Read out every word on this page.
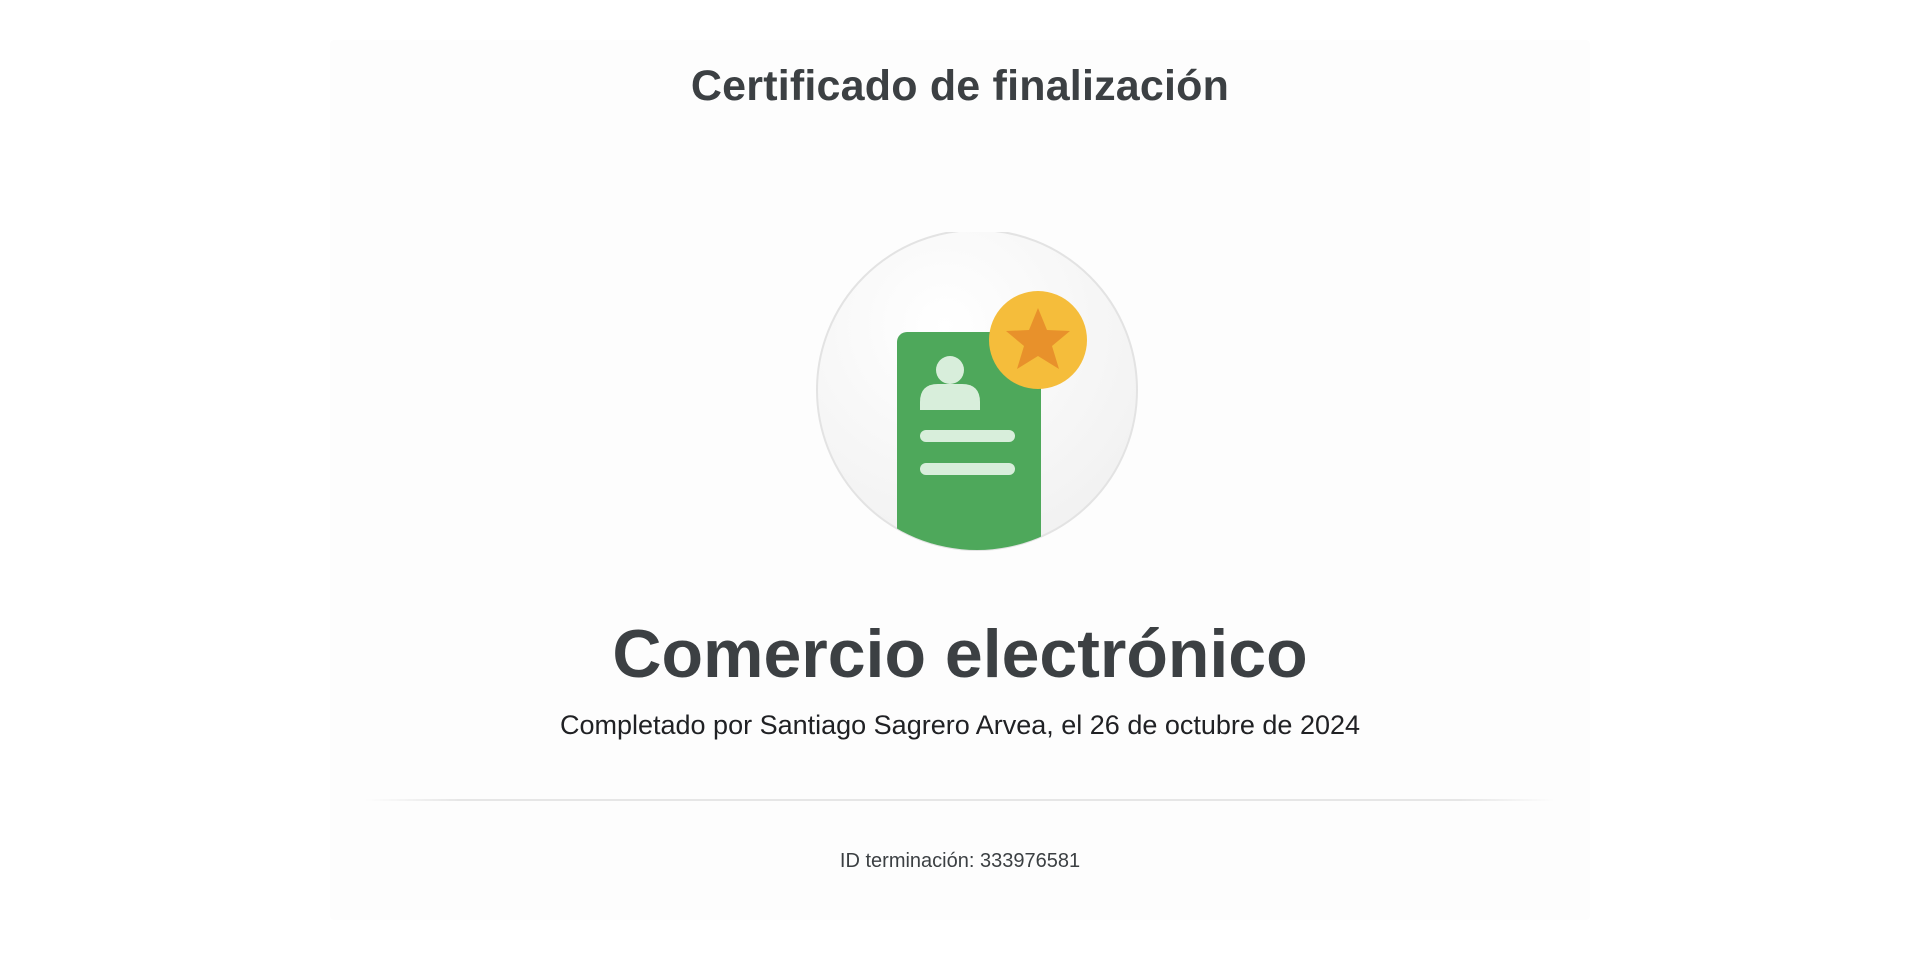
Certificado de finalización
Comercio electrónico
Completado por Santiago Sagrero Arvea, el 26 de octubre de 2024
ID terminación: 333976581
